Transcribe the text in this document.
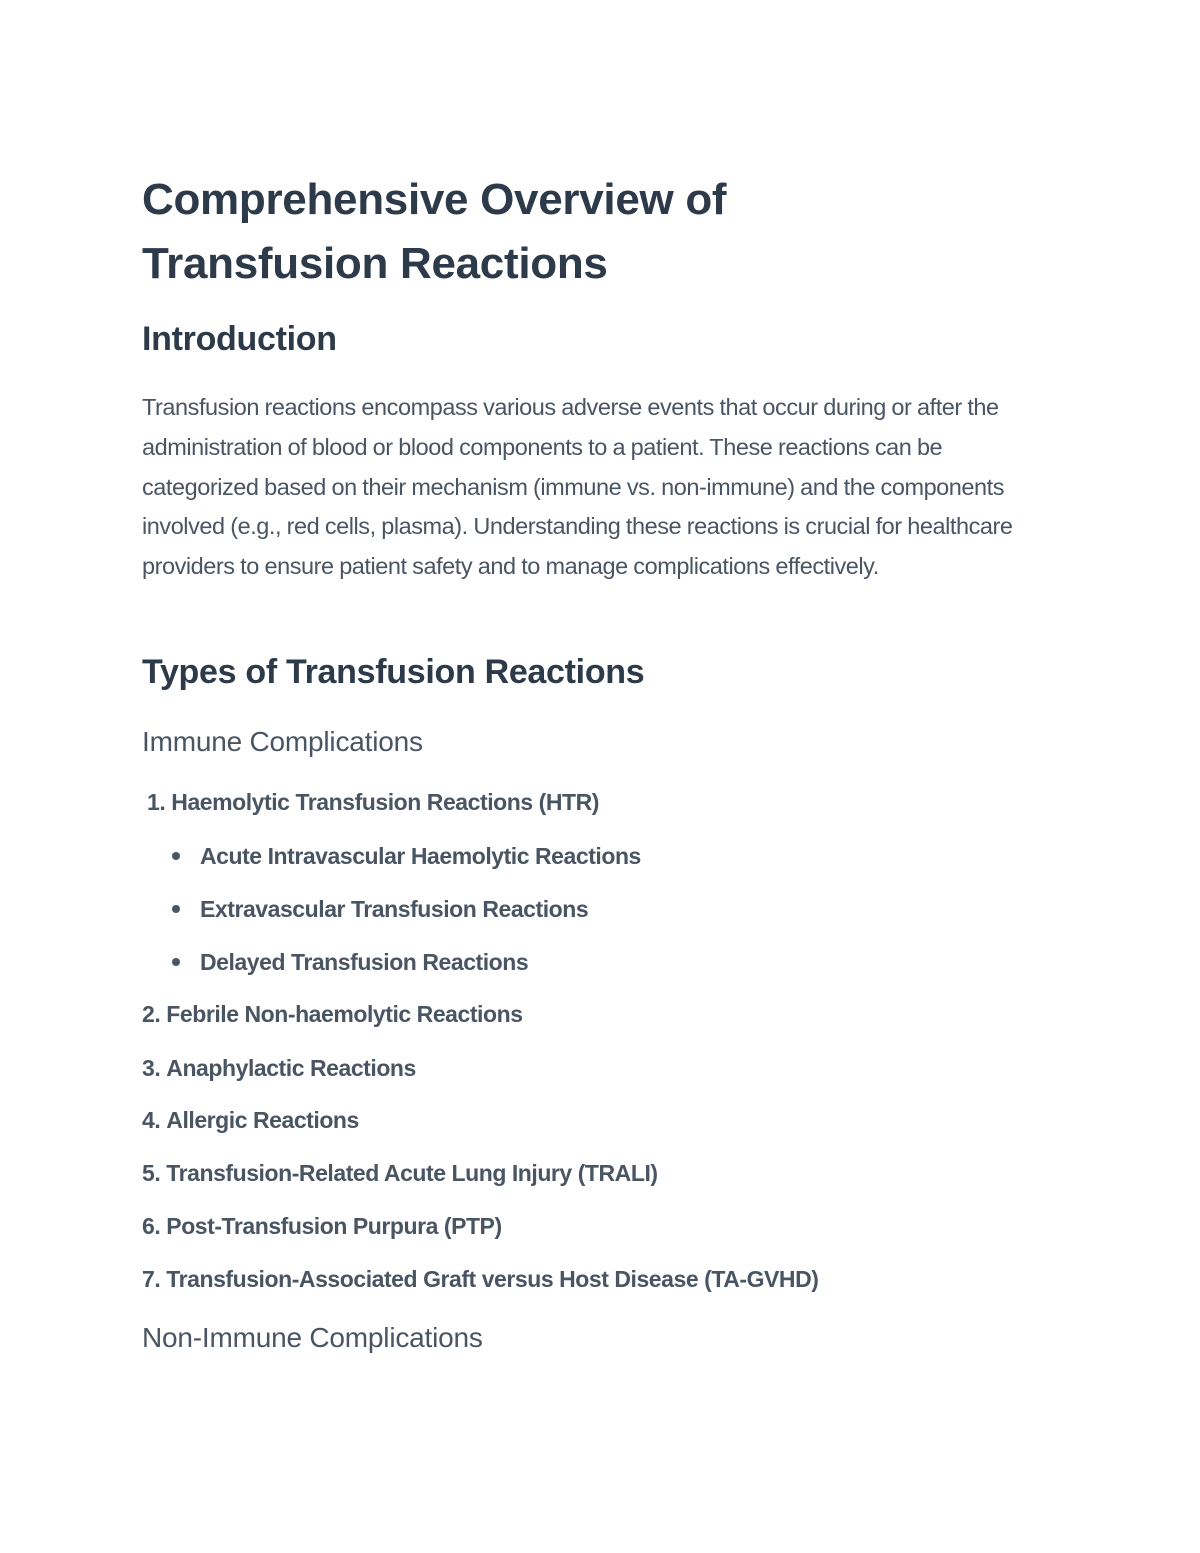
Comprehensive Overview of
Transfusion Reactions
Introduction

Transfusion reactions encompass various adverse events that occur during or after the administration of blood or blood components to a patient. These reactions can be categorized based on their mechanism (immune vs. non-immune) and the components involved (e.g., red cells, plasma). Understanding these reactions is crucial for healthcare providers to ensure patient safety and to manage complications effectively.

Types of Transfusion Reactions
Immune Complications
1. Haemolytic Transfusion Reactions (HTR)
Acute Intravascular Haemolytic Reactions
Extravascular Transfusion Reactions
Delayed Transfusion Reactions
2. Febrile Non-haemolytic Reactions
3. Anaphylactic Reactions
4. Allergic Reactions
5. Transfusion-Related Acute Lung Injury (TRALI)
6. Post-Transfusion Purpura (PTP)
7. Transfusion-Associated Graft versus Host Disease (TA-GVHD)
Non-Immune Complications
